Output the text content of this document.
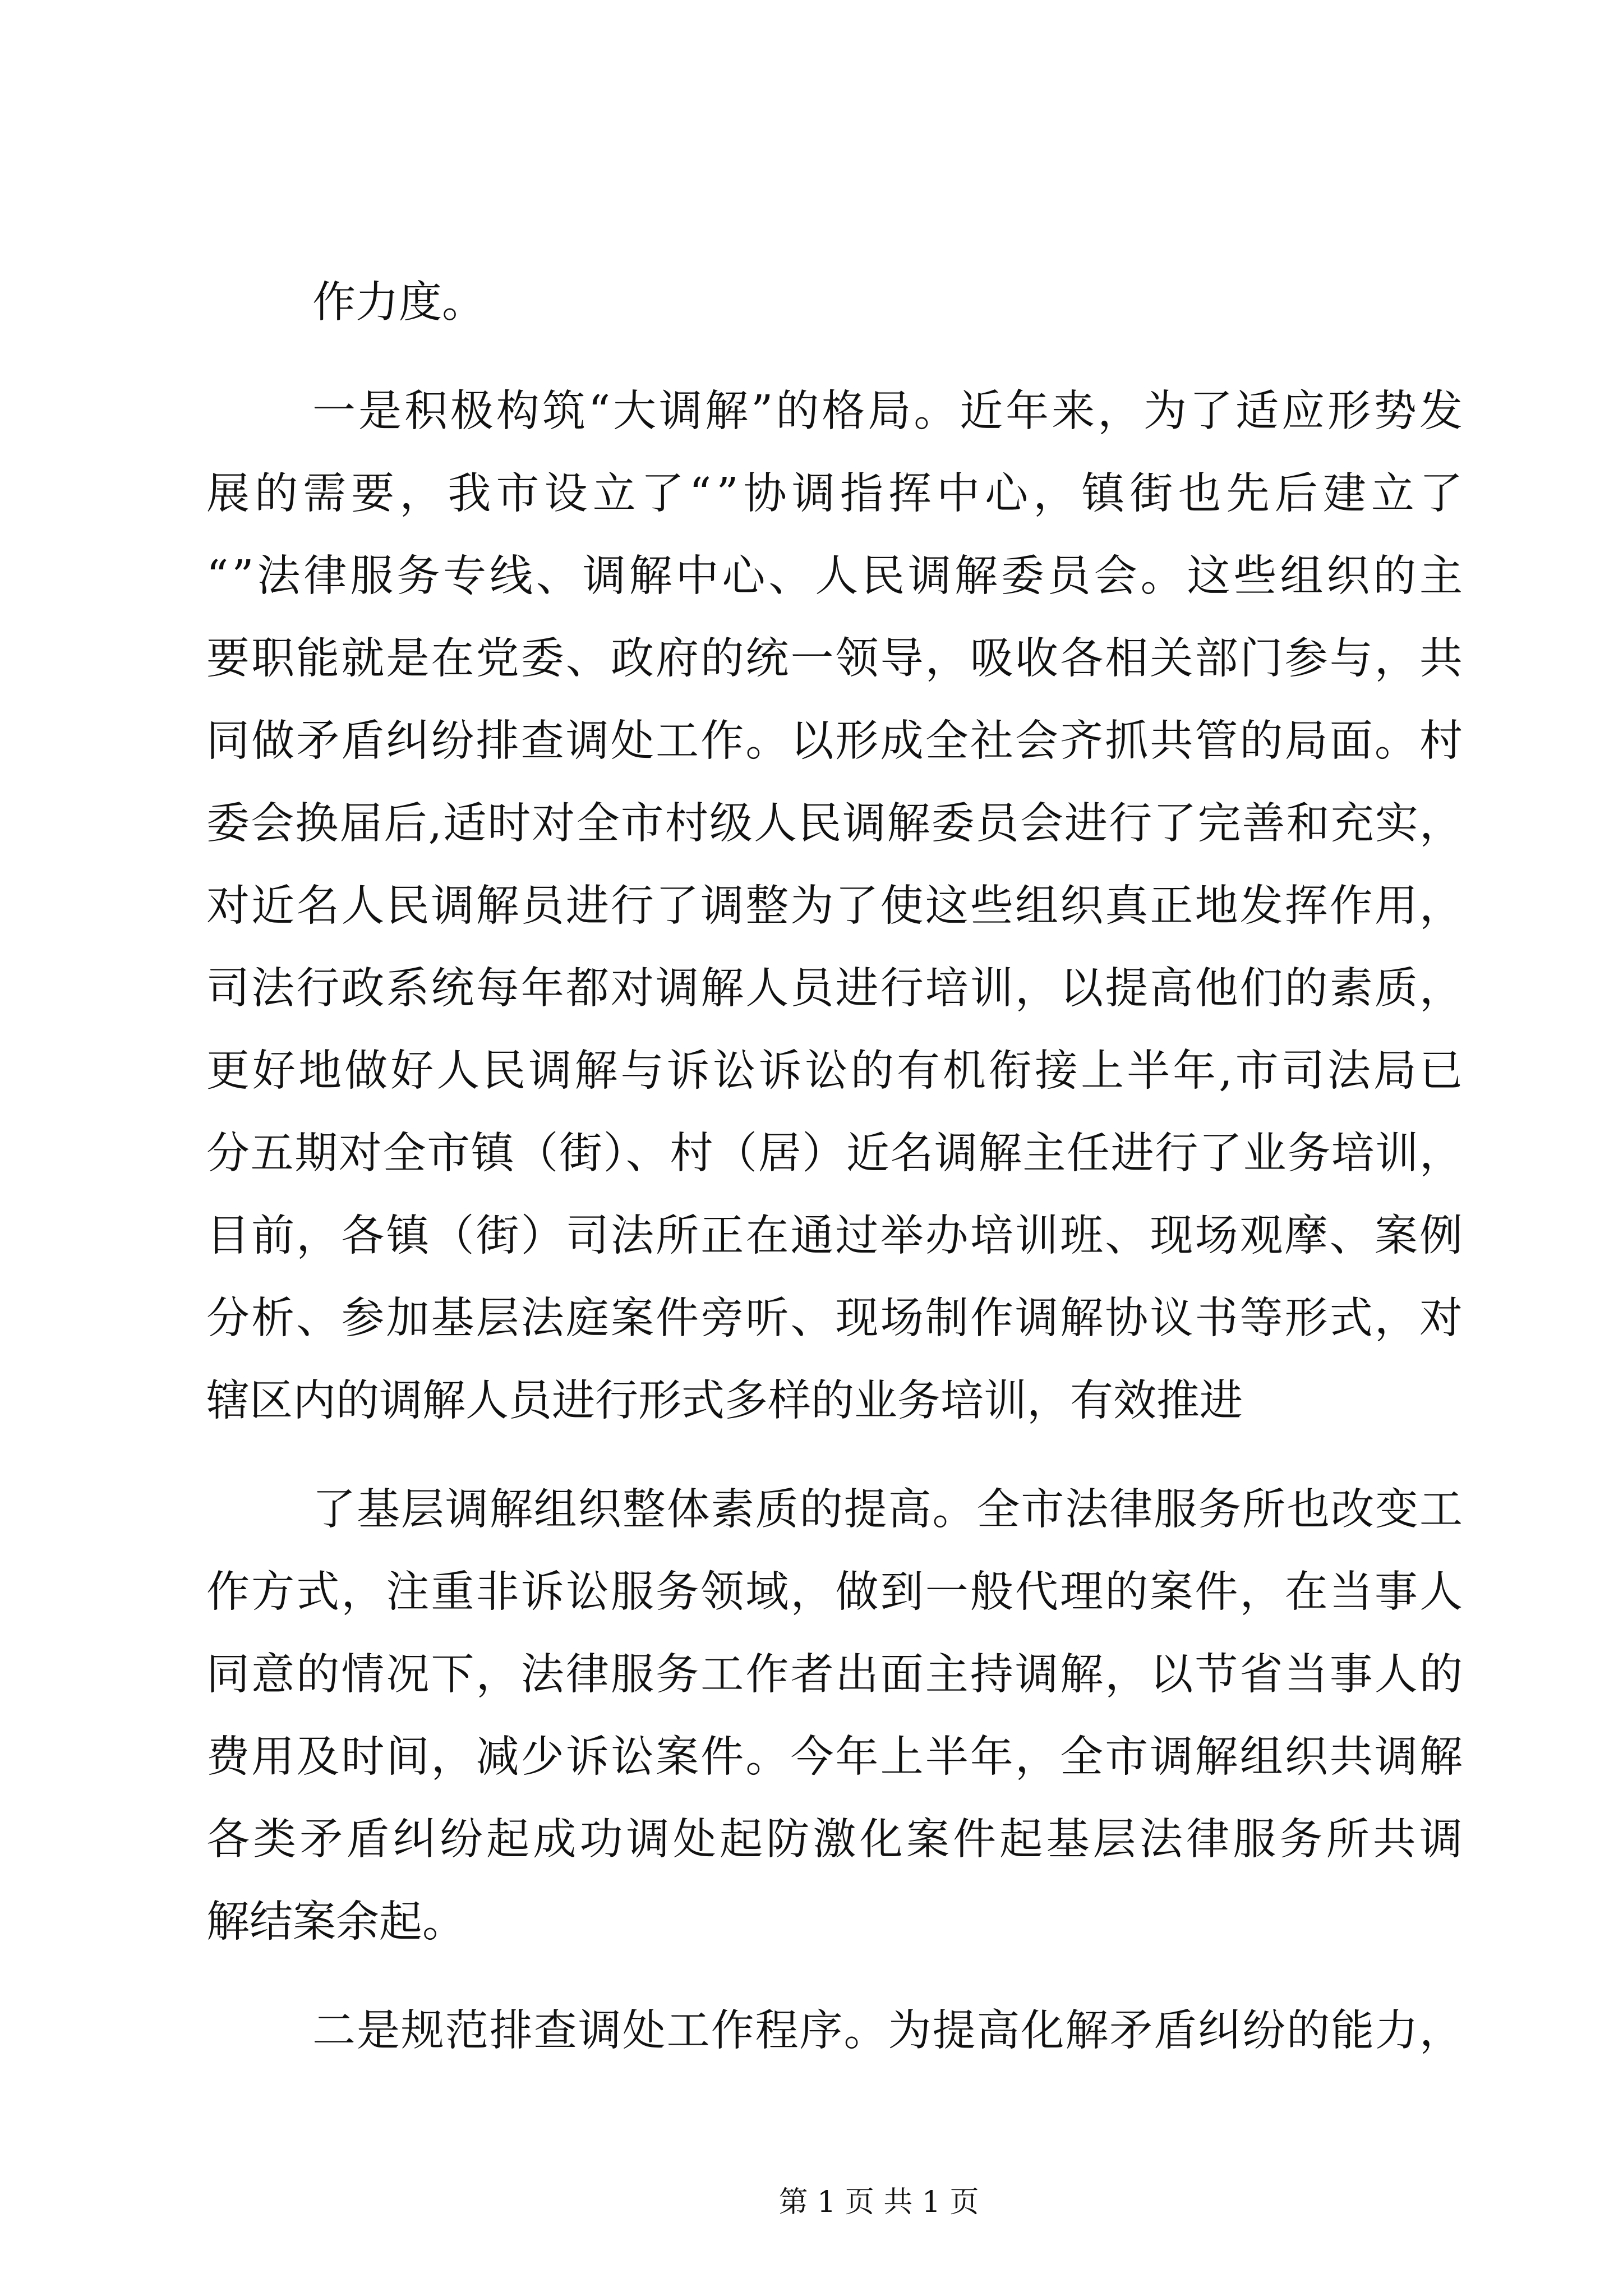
作力度。
一是积极构筑“大调解”的格局。近年来，为了适应形势发
展的需要，我市设立了“”协调指挥中心，镇街也先后建立了
“”法律服务专线、调解中心、人民调解委员会。这些组织的主
要职能就是在党委、政府的统一领导，吸收各相关部门参与，共
同做矛盾纠纷排查调处工作。以形成全社会齐抓共管的局面。村
委会换届后,适时对全市村级人民调解委员会进行了完善和充实，
对近名人民调解员进行了调整为了使这些组织真正地发挥作用，
司法行政系统每年都对调解人员进行培训，以提高他们的素质，
更好地做好人民调解与诉讼诉讼的有机衔接上半年,市司法局已
分五期对全市镇（街）、村（居）近名调解主任进行了业务培训，
目前，各镇（街）司法所正在通过举办培训班、现场观摩、案例
分析、参加基层法庭案件旁听、现场制作调解协议书等形式，对
辖区内的调解人员进行形式多样的业务培训，有效推进
了基层调解组织整体素质的提高。全市法律服务所也改变工
作方式，注重非诉讼服务领域，做到一般代理的案件，在当事人
同意的情况下，法律服务工作者出面主持调解，以节省当事人的
费用及时间，减少诉讼案件。今年上半年，全市调解组织共调解
各类矛盾纠纷起成功调处起防激化案件起基层法律服务所共调
解结案余起。
二是规范排查调处工作程序。为提高化解矛盾纠纷的能力，

第 1 页 共 1 页
